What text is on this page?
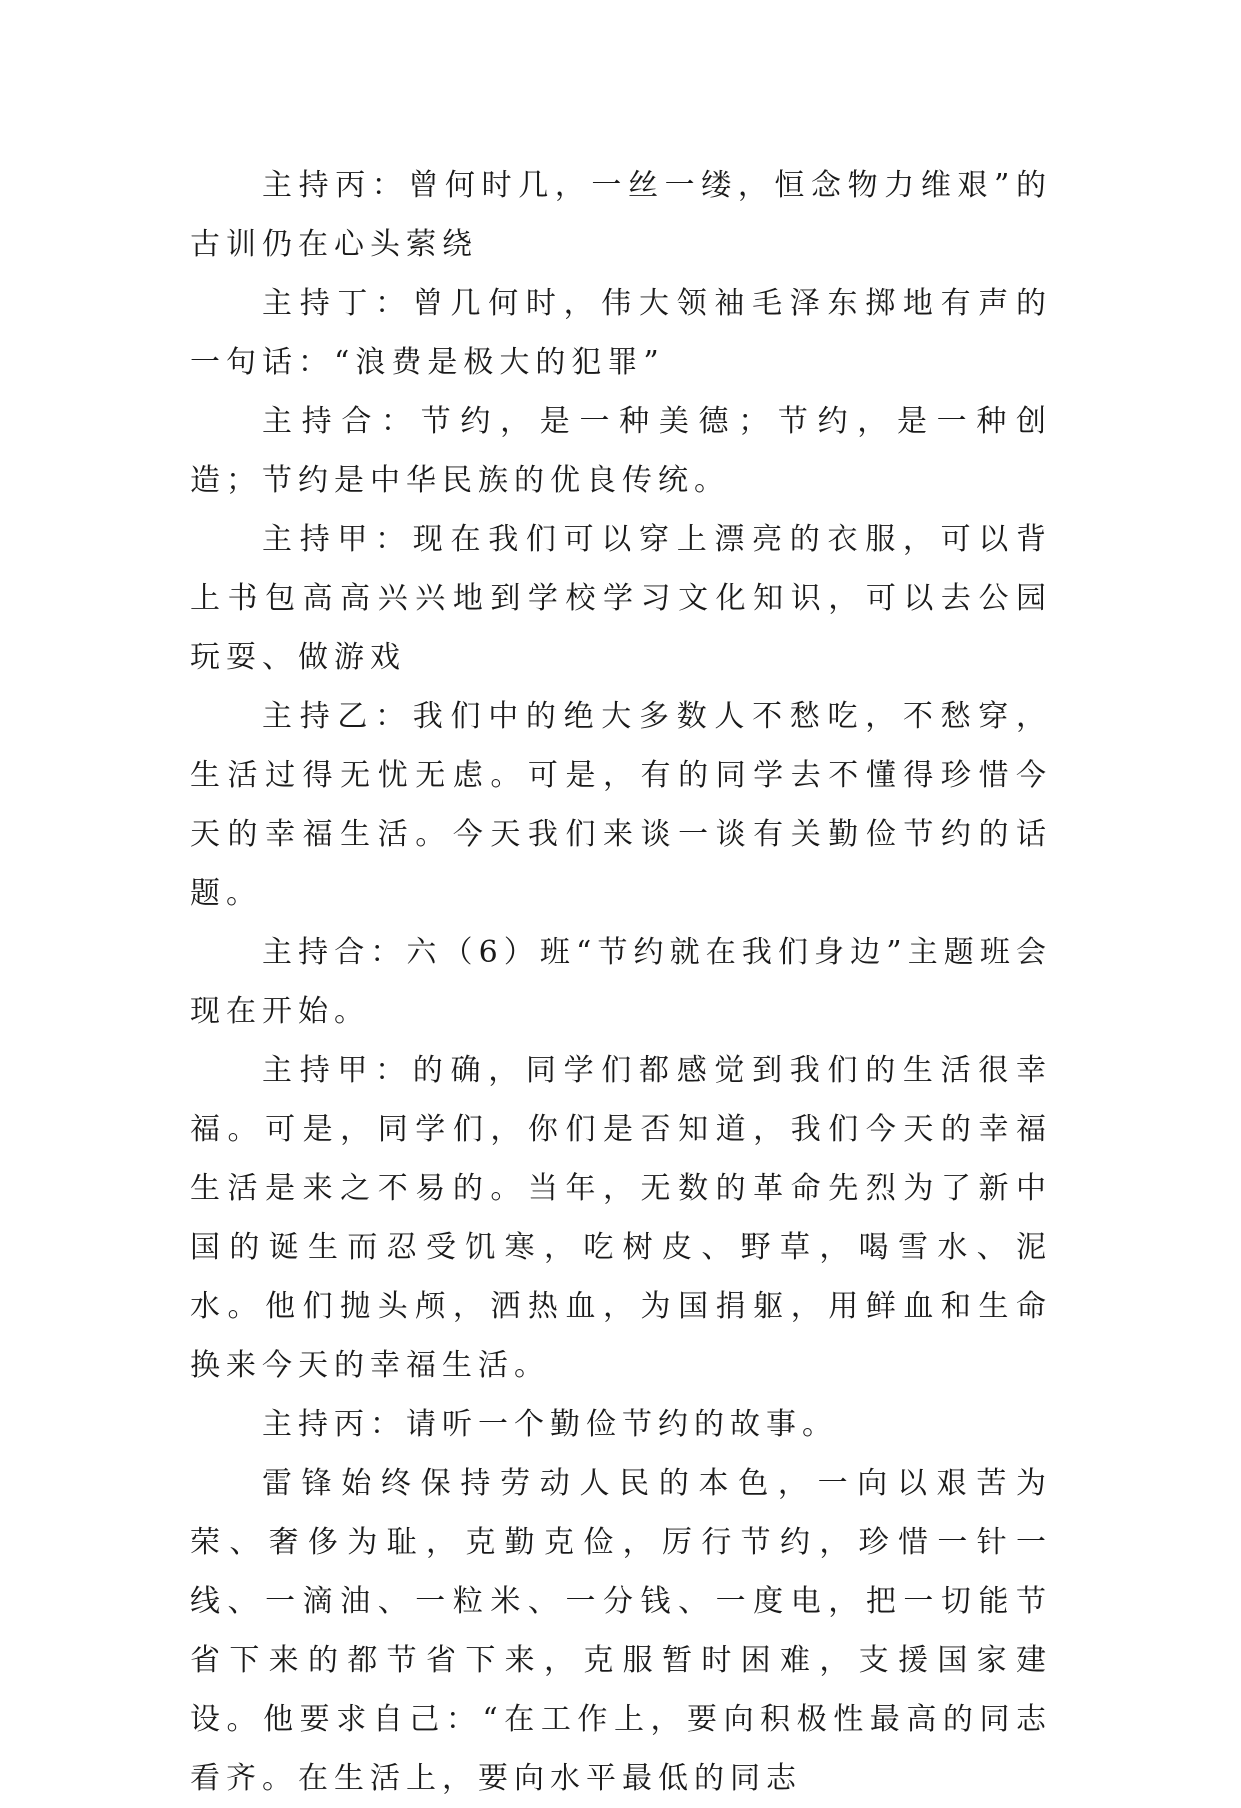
主持丙：曾何时几，一丝一缕，恒念物力维艰”的古训仍在心头萦绕

主持丁：曾几何时，伟大领袖毛泽东掷地有声的一句话：“浪费是极大的犯罪”

主持合：节约，是一种美德；节约，是一种创造；节约是中华民族的优良传统。

主持甲：现在我们可以穿上漂亮的衣服，可以背上书包高高兴兴地到学校学习文化知识，可以去公园玩耍、做游戏

主持乙：我们中的绝大多数人不愁吃，不愁穿，生活过得无忧无虑。可是，有的同学去不懂得珍惜今天的幸福生活。今天我们来谈一谈有关勤俭节约的话题。

主持合：六（6）班“节约就在我们身边”主题班会现在开始。

主持甲：的确，同学们都感觉到我们的生活很幸福。可是，同学们，你们是否知道，我们今天的幸福生活是来之不易的。当年，无数的革命先烈为了新中国的诞生而忍受饥寒，吃树皮、野草，喝雪水、泥水。他们抛头颅，洒热血，为国捐躯，用鲜血和生命换来今天的幸福生活。

主持丙：请听一个勤俭节约的故事。

雷锋始终保持劳动人民的本色，一向以艰苦为荣、奢侈为耻，克勤克俭，厉行节约，珍惜一针一线、一滴油、一粒米、一分钱、一度电，把一切能节省下来的都节省下来，克服暂时困难，支援国家建设。他要求自己：“在工作上，要向积极性最高的同志看齐。在生活上，要向水平最低的同志
